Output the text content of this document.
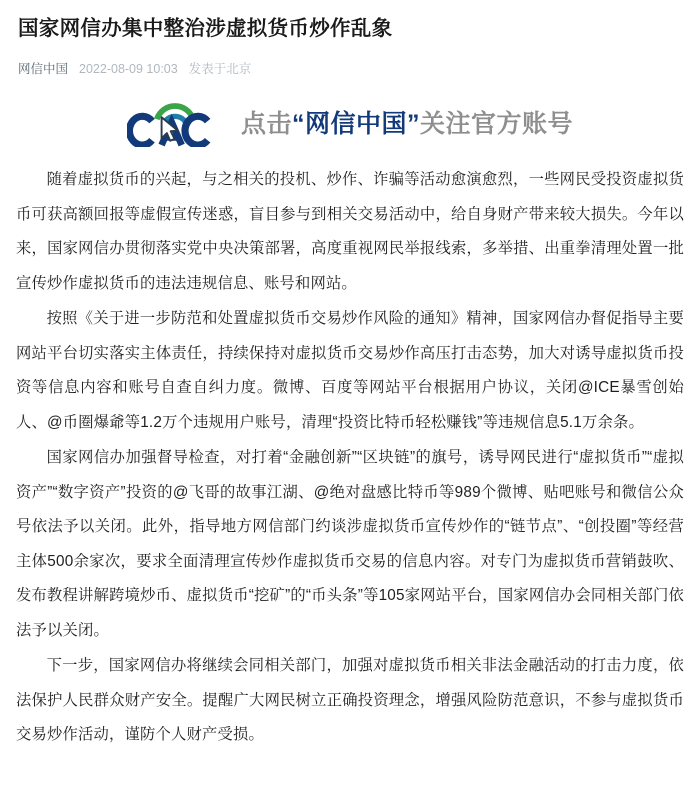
国家网信办集中整治涉虚拟货币炒作乱象
网信中国 2022-08-09 10:03 发表于北京
点击 “ 网信中国 ” 关注官方账号

随着虚拟货币的兴起，与之相关的投机、炒作、诈骗等活动愈演愈烈，一些网民受投资虚拟货币可获高额回报等虚假宣传迷惑，盲目参与到相关交易活动中，给自身财产带来较大损失。今年以来，国家网信办贯彻落实党中央决策部署，高度重视网民举报线索，多举措、出重拳清理处置一批宣传炒作虚拟货币的违法违规信息、账号和网站。

按照《关于进一步防范和处置虚拟货币交易炒作风险的通知》精神，国家网信办督促指导主要网站平台切实落实主体责任，持续保持对虚拟货币交易炒作高压打击态势，加大对诱导虚拟货币投资等信息内容和账号自查自纠力度。微博、百度等网站平台根据用户协议，关闭@ICE暴雪创始人、@币圈爆爺等1.2万个违规用户账号，清理“投资比特币轻松赚钱”等违规信息5.1万余条。

国家网信办加强督导检查，对打着“金融创新”“区块链”的旗号，诱导网民进行“虚拟货币”“虚拟资产”“数字资产”投资的@飞哥的故事江湖、@绝对盘感比特币等989个微博、贴吧账号和微信公众号依法予以关闭。此外，指导地方网信部门约谈涉虚拟货币宣传炒作的“链节点”、“创投圈”等经营主体500余家次，要求全面清理宣传炒作虚拟货币交易的信息内容。对专门为虚拟货币营销鼓吹、发布教程讲解跨境炒币、虚拟货币“挖矿”的“币头条”等105家网站平台，国家网信办会同相关部门依法予以关闭。

下一步，国家网信办将继续会同相关部门，加强对虚拟货币相关非法金融活动的打击力度，依法保护人民群众财产安全。提醒广大网民树立正确投资理念，增强风险防范意识，不参与虚拟货币交易炒作活动，谨防个人财产受损。
